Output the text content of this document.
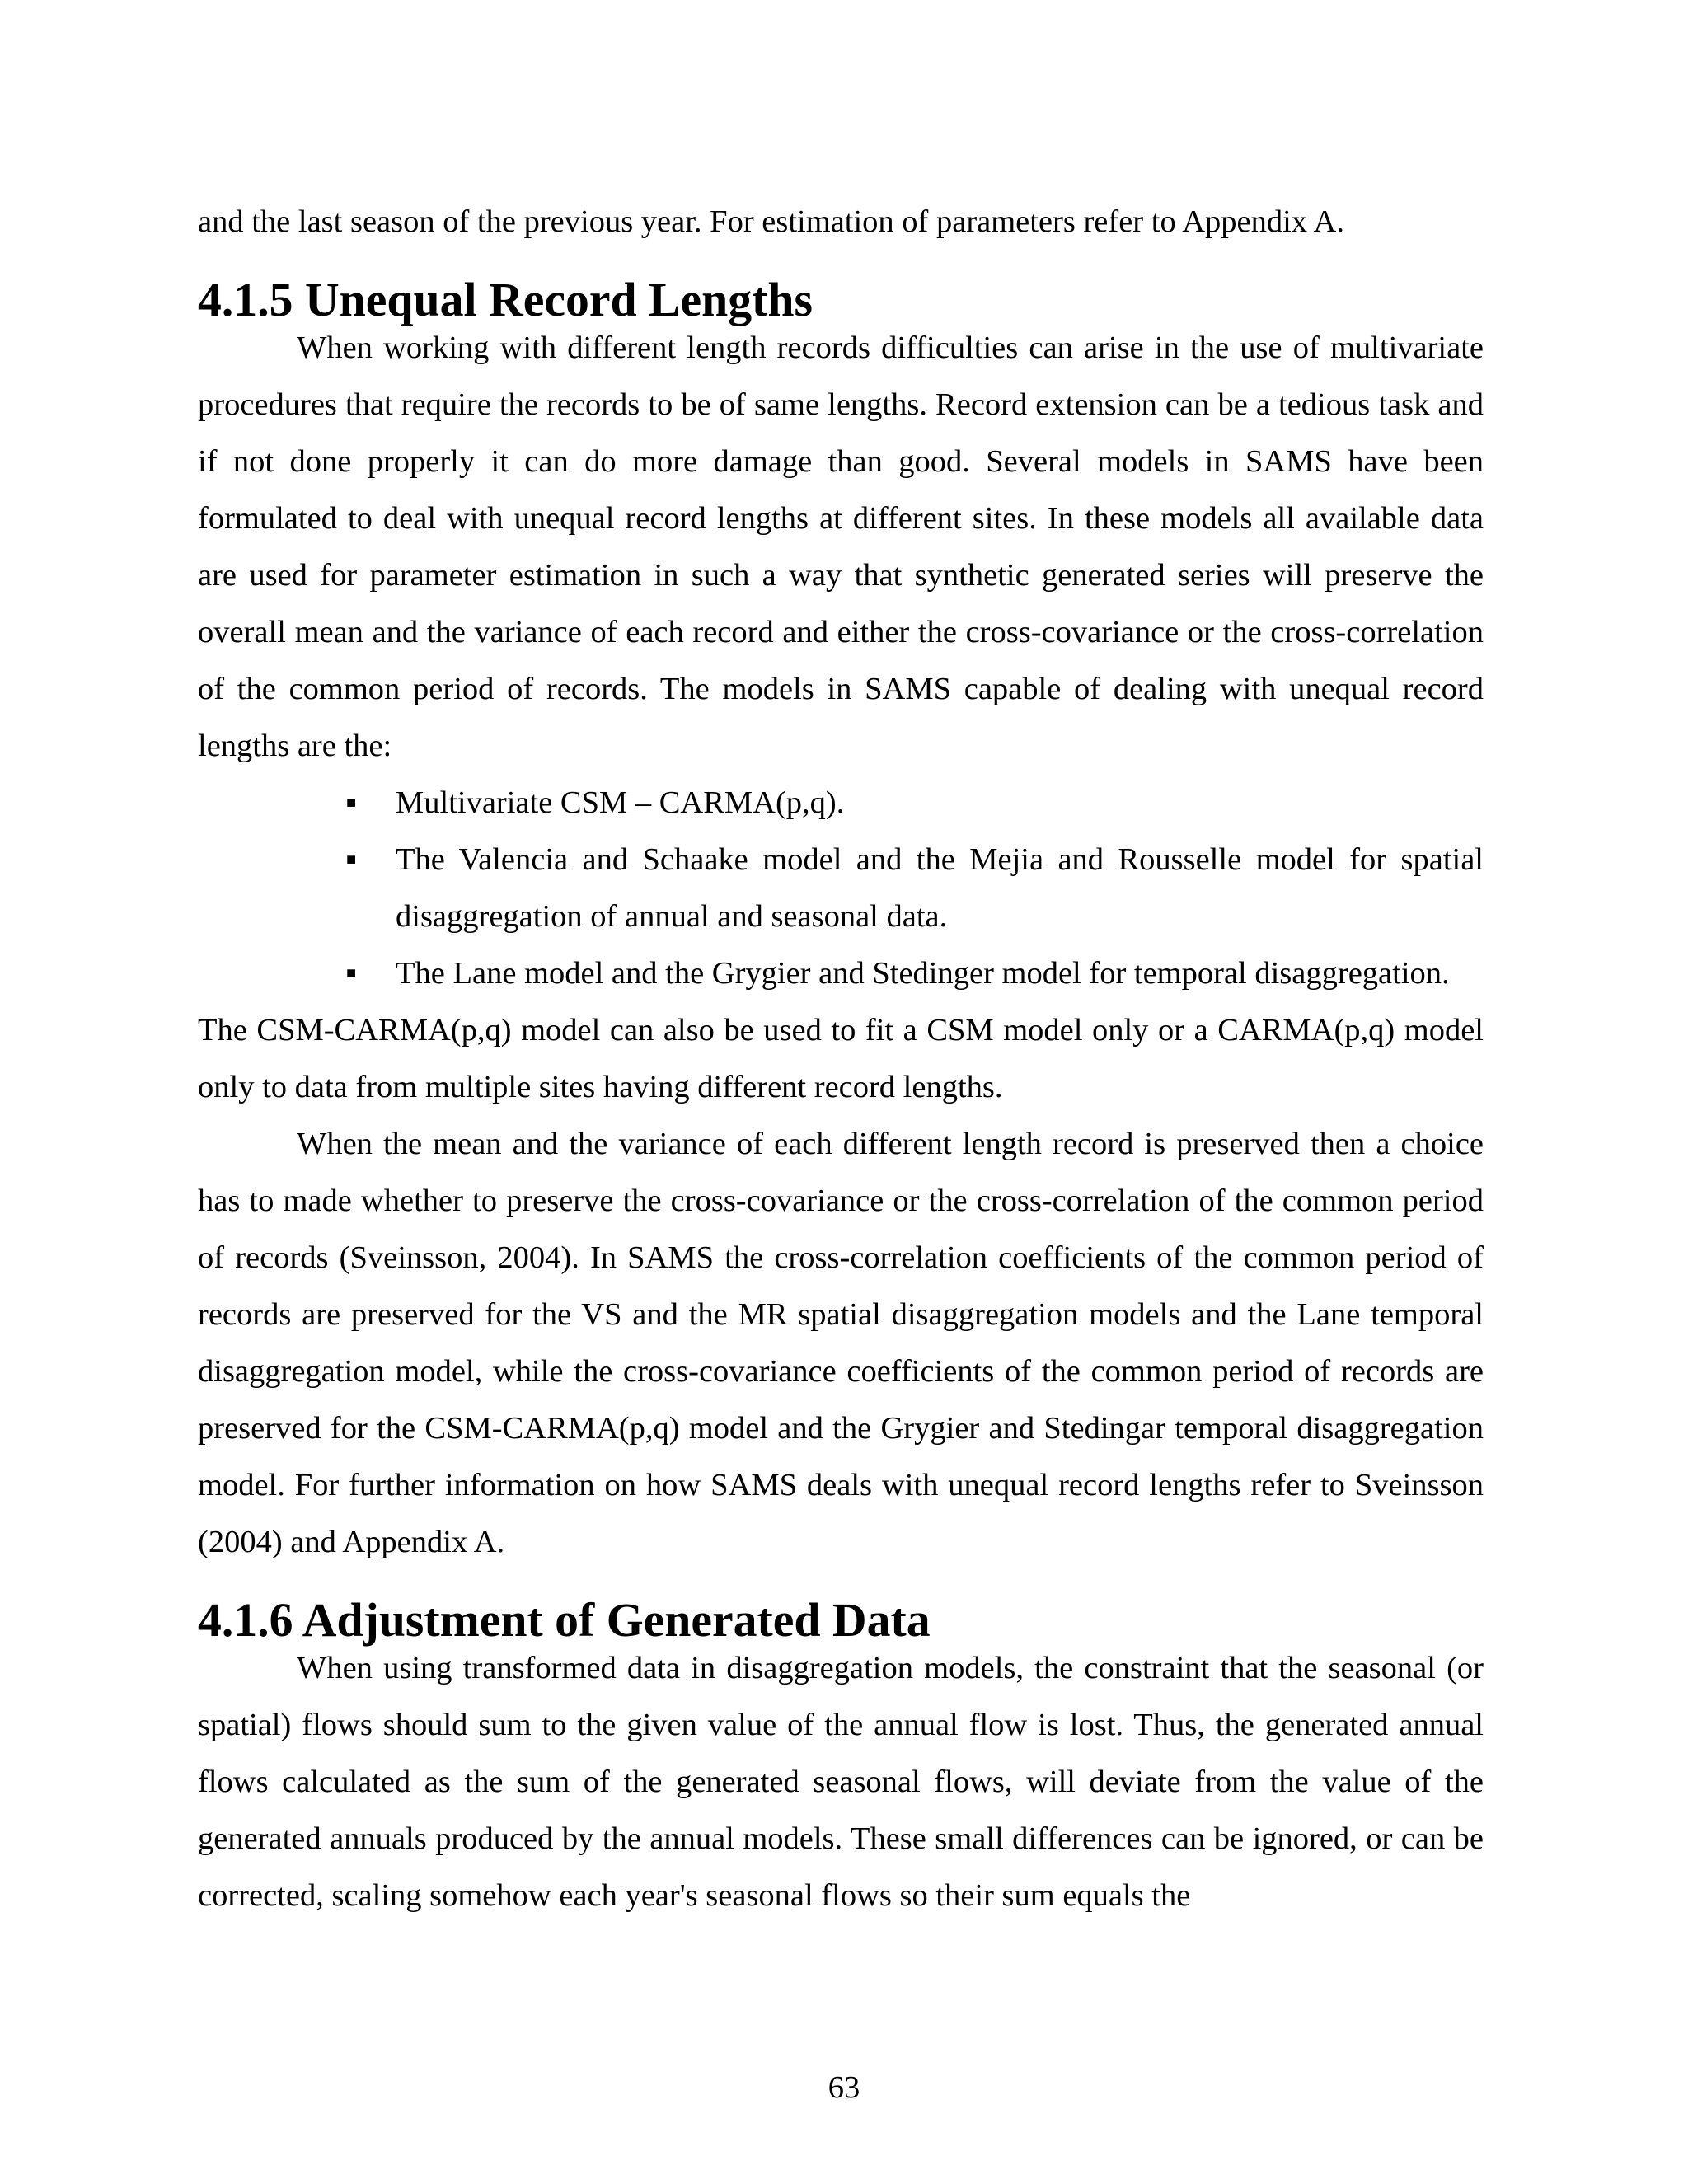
and the last season of the previous year. For estimation of parameters refer to Appendix A.

4.1.5 Unequal Record Lengths

When working with different length records difficulties can arise in the use of multivariate procedures that require the records to be of same lengths. Record extension can be a tedious task and if not done properly it can do more damage than good. Several models in SAMS have been formulated to deal with unequal record lengths at different sites. In these models all available data are used for parameter estimation in such a way that synthetic generated series will preserve the overall mean and the variance of each record and either the cross-covariance or the cross-correlation of the common period of records. The models in SAMS capable of dealing with unequal record lengths are the:

■ Multivariate CSM – CARMA(p,q).
■ The Valencia and Schaake model and the Mejia and Rousselle model for spatial disaggregation of annual and seasonal data.
■ The Lane model and the Grygier and Stedinger model for temporal disaggregation.

The CSM-CARMA(p,q) model can also be used to fit a CSM model only or a CARMA(p,q) model only to data from multiple sites having different record lengths.

When the mean and the variance of each different length record is preserved then a choice has to made whether to preserve the cross-covariance or the cross-correlation of the common period of records (Sveinsson, 2004). In SAMS the cross-correlation coefficients of the common period of records are preserved for the VS and the MR spatial disaggregation models and the Lane temporal disaggregation model, while the cross-covariance coefficients of the common period of records are preserved for the CSM-CARMA(p,q) model and the Grygier and Stedingar temporal disaggregation model. For further information on how SAMS deals with unequal record lengths refer to Sveinsson (2004) and Appendix A.

4.1.6 Adjustment of Generated Data

When using transformed data in disaggregation models, the constraint that the seasonal (or spatial) flows should sum to the given value of the annual flow is lost. Thus, the generated annual flows calculated as the sum of the generated seasonal flows, will deviate from the value of the generated annuals produced by the annual models. These small differences can be ignored, or can be corrected, scaling somehow each year's seasonal flows so their sum equals the

63
